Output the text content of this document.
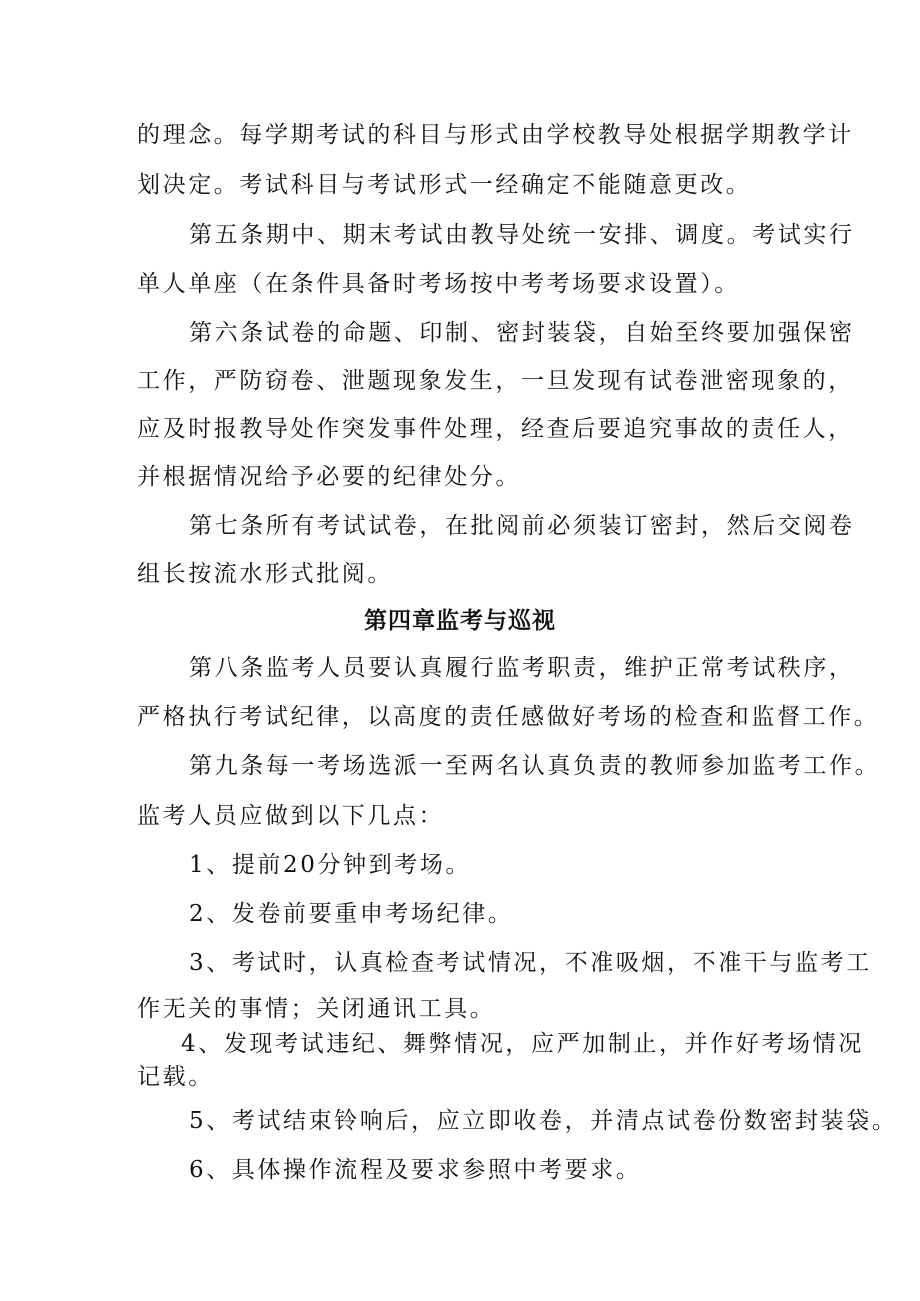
的理念。每学期考试的科目与形式由学校教导处根据学期教学计
划决定。考试科目与考试形式一经确定不能随意更改。
第五条期中、期末考试由教导处统一安排、调度。考试实行
单人单座（在条件具备时考场按中考考场要求设置）。
第六条试卷的命题、印制、密封装袋，自始至终要加强保密
工作，严防窃卷、泄题现象发生，一旦发现有试卷泄密现象的，
应及时报教导处作突发事件处理，经查后要追究事故的责任人，
并根据情况给予必要的纪律处分。
第七条所有考试试卷，在批阅前必须装订密封，然后交阅卷
组长按流水形式批阅。
第四章监考与巡视
第八条监考人员要认真履行监考职责，维护正常考试秩序，
严格执行考试纪律，以高度的责任感做好考场的检查和监督工作。
第九条每一考场选派一至两名认真负责的教师参加监考工作。
监考人员应做到以下几点：
1、提前20分钟到考场。
2、发卷前要重申考场纪律。
3、考试时，认真检查考试情况，不准吸烟，不准干与监考工
作无关的事情；关闭通讯工具。
4、发现考试违纪、舞弊情况，应严加制止，并作好考场情况
记载。
5、考试结束铃响后，应立即收卷，并清点试卷份数密封装袋。
6、具体操作流程及要求参照中考要求。
